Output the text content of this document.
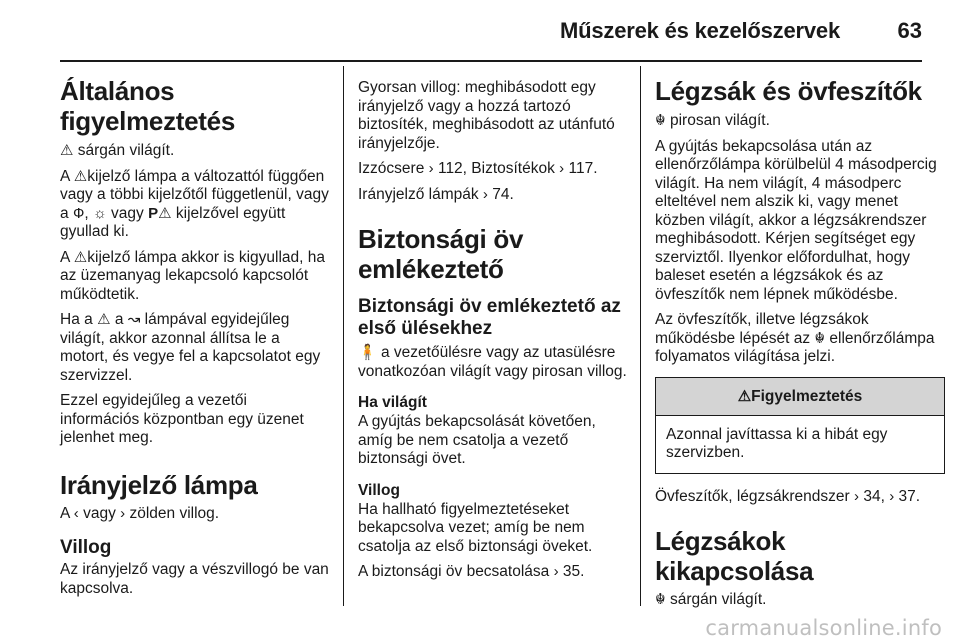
Műszerek és kezelőszervek	63
Általános figyelmeztetés

⚠ sárgán világít.

A ⚠kijelző lámpa a változattól függően vagy a többi kijelzőtől függetlenül, vagy a Ф, ☼ vagy P⚠ kijelzővel együtt gyullad ki.

A ⚠kijelző lámpa akkor is kigyullad, ha az üzemanyag lekapcsoló kapcsolót működtetik.

Ha a ⚠ a ↝ lámpával egyidejűleg világít, akkor azonnal állítsa le a motort, és vegye fel a kapcsolatot egy szervizzel.

Ezzel egyidejűleg a vezetői információs központban egy üzenet jelenhet meg.

Irányjelző lámpa

A ‹ vagy › zölden villog.

Villog

Az irányjelző vagy a vészvillogó be van kapcsolva.

Gyorsan villog: meghibásodott egy irányjelző vagy a hozzá tartozó biztosíték, meghibásodott az utánfutó irányjelzője.

Izzócsere › 112, Biztosítékok › 117.

Irányjelző lámpák › 74.

Biztonsági öv emlékeztető
Biztonsági öv emlékeztető az első ülésekhez

🧍 a vezetőülésre vagy az utasülésre vonatkozóan világít vagy pirosan villog.

Ha világít

A gyújtás bekapcsolását követően, amíg be nem csatolja a vezető biztonsági övet.

Villog

Ha hallható figyelmeztetéseket bekapcsolva vezet; amíg be nem csatolja az első biztonsági öveket.

A biztonsági öv becsatolása › 35.

Légzsák és övfeszítők

☬ pirosan világít.

A gyújtás bekapcsolása után az ellenőrzőlámpa körülbelül 4 másodpercig világít. Ha nem világít, 4 másodperc elteltével nem alszik ki, vagy menet közben világít, akkor a légzsákrendszer meghibásodott. Kérjen segítséget egy szerviztől. Ilyenkor előfordulhat, hogy baleset esetén a légzsákok és az övfeszítők nem lépnek működésbe.

Az övfeszítők, illetve légzsákok működésbe lépését az ☬ ellenőrzőlámpa folyamatos világítása jelzi.

⚠Figyelmeztetés
Azonnal javíttassa ki a hibát egy szervizben.

Övfeszítők, légzsákrendszer › 34, › 37.

Légzsákok kikapcsolása

☬ sárgán világít.

carmanualsonline.info
